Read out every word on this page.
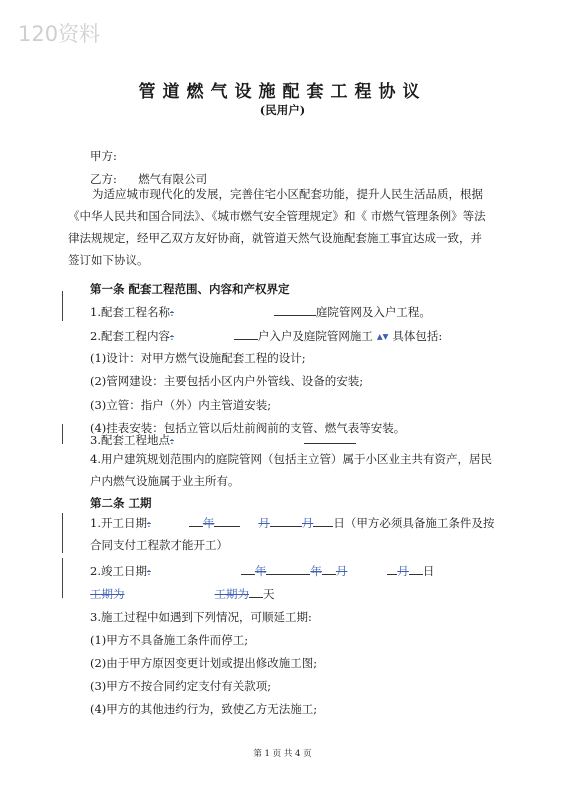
120资料
管道燃气设施配套工程协议
(民用户)
甲方:
乙方: 燃气有限公司
为适应城市现代化的发展，完善住宅小区配套功能，提升人民生活品质，根据《中华人民共和国合同法》、《城市燃气安全管理规定》和《 市燃气管理条例》等法律法规规定，经甲乙双方友好协商，就管道天然气设施配套施工事宜达成一致，并签订如下协议。
第一条 配套工程范围、内容和产权界定
1.配套工程名称:	庭院管网及入户工程。
2.配套工程内容:	户入户及庭院管网施工 ▴▾ 具体包括:
(1)设计：对甲方燃气设施配套工程的设计;
(2)管网建设：主要包括小区内户外管线、设备的安装;
(3)立管：指户（外）内主管道安装;
(4)挂表安装：包括立管以后灶前阀前的支管、燃气表等安装。
3.配套工程地点:
4.用户建筑规划范围内的庭院管网（包括主立管）属于小区业主共有资产，居民户内燃气设施属于业主所有。
第二条 工期
1.开工日期:	年	月	月 日（甲方必须具备施工条件及按合同支付工程款才能开工）
2.竣工日期:	年	年 月	月 日
工期为	工期为 天
3.施工过程中如遇到下列情况，可顺延工期:
(1)甲方不具备施工条件而停工;
(2)由于甲方原因变更计划或提出修改施工图;
(3)甲方不按合同约定支付有关款项;
(4)甲方的其他违约行为，致使乙方无法施工;
第 1 页 共 4 页
